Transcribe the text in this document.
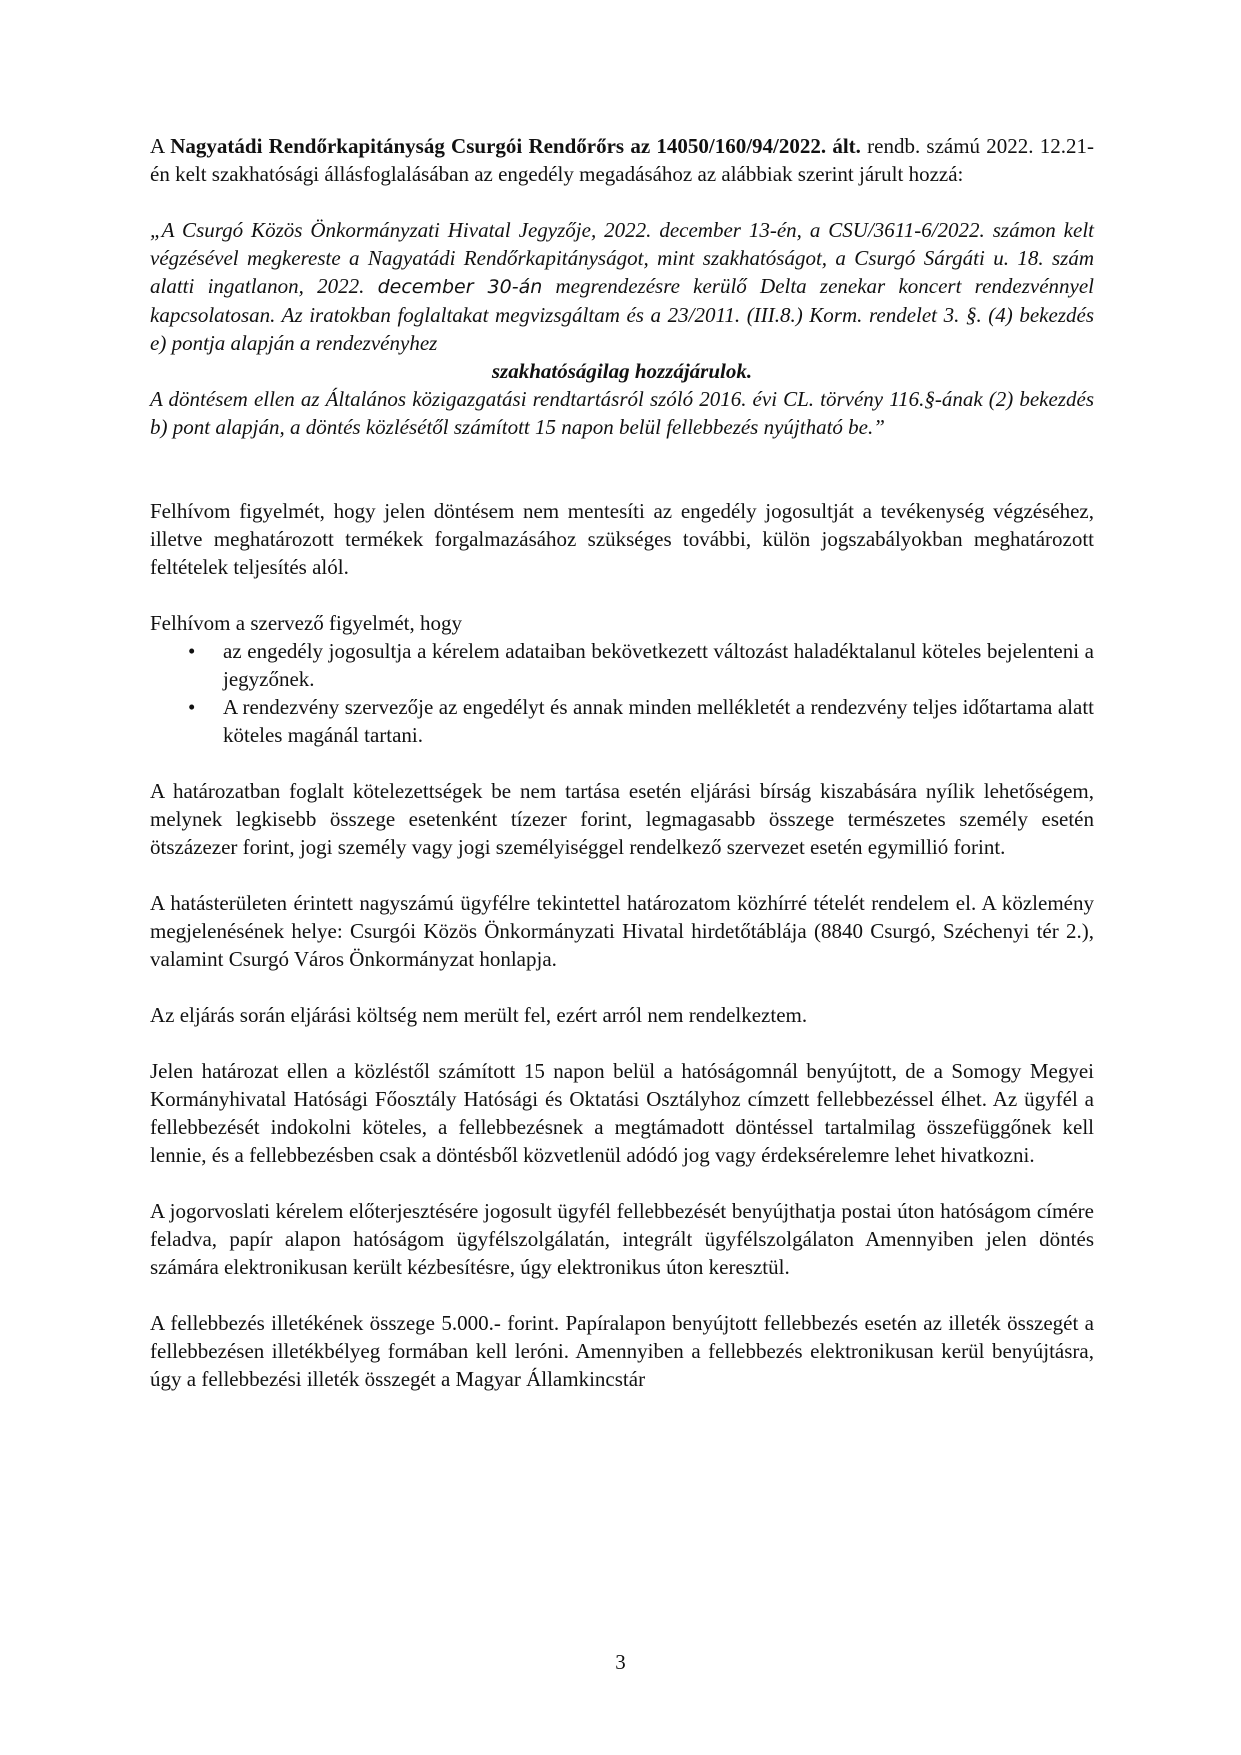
A Nagyatádi Rendőrkapitányság Csurgói Rendőrőrs az 14050/160/94/2022. ált. rendb. számú 2022. 12.21-én kelt szakhatósági állásfoglalásában az engedély megadásához az alábbiak szerint járult hozzá:

„A Csurgó Közös Önkormányzati Hivatal Jegyzője, 2022. december 13-én, a CSU/3611-6/2022. számon kelt végzésével megkereste a Nagyatádi Rendőrkapitányságot, mint szakhatóságot, a Csurgó Sárgáti u. 18. szám alatti ingatlanon, 2022. december 30-án megrendezésre kerülő Delta zenekar koncert rendezvénnyel kapcsolatosan. Az iratokban foglaltakat megvizsgáltam és a 23/2011. (III.8.) Korm. rendelet 3. §. (4) bekezdés e) pontja alapján a rendezvényhez

szakhatóságilag hozzájárulok.

A döntésem ellen az Általános közigazgatási rendtartásról szóló 2016. évi CL. törvény 116.§-ának (2) bekezdés b) pont alapján, a döntés közlésétől számított 15 napon belül fellebbezés nyújtható be.”

Felhívom figyelmét, hogy jelen döntésem nem mentesíti az engedély jogosultját a tevékenység végzéséhez, illetve meghatározott termékek forgalmazásához szükséges további, külön jogszabályokban meghatározott feltételek teljesítés alól.

Felhívom a szervező figyelmét, hogy

• az engedély jogosultja a kérelem adataiban bekövetkezett változást haladéktalanul köteles bejelenteni a jegyzőnek.
• A rendezvény szervezője az engedélyt és annak minden mellékletét a rendezvény teljes időtartama alatt köteles magánál tartani.

A határozatban foglalt kötelezettségek be nem tartása esetén eljárási bírság kiszabására nyílik lehetőségem, melynek legkisebb összege esetenként tízezer forint, legmagasabb összege természetes személy esetén ötszázezer forint, jogi személy vagy jogi személyiséggel rendelkező szervezet esetén egymillió forint.

A hatásterületen érintett nagyszámú ügyfélre tekintettel határozatom közhírré tételét rendelem el. A közlemény megjelenésének helye: Csurgói Közös Önkormányzati Hivatal hirdetőtáblája (8840 Csurgó, Széchenyi tér 2.), valamint Csurgó Város Önkormányzat honlapja.

Az eljárás során eljárási költség nem merült fel, ezért arról nem rendelkeztem.

Jelen határozat ellen a közléstől számított 15 napon belül a hatóságomnál benyújtott, de a Somogy Megyei Kormányhivatal Hatósági Főosztály Hatósági és Oktatási Osztályhoz címzett fellebbezéssel élhet. Az ügyfél a fellebbezését indokolni köteles, a fellebbezésnek a megtámadott döntéssel tartalmilag összefüggőnek kell lennie, és a fellebbezésben csak a döntésből közvetlenül adódó jog vagy érdeksérelemre lehet hivatkozni.

A jogorvoslati kérelem előterjesztésére jogosult ügyfél fellebbezését benyújthatja postai úton hatóságom címére feladva, papír alapon hatóságom ügyfélszolgálatán, integrált ügyfélszolgálaton Amennyiben jelen döntés számára elektronikusan került kézbesítésre, úgy elektronikus úton keresztül.

A fellebbezés illetékének összege 5.000.- forint. Papíralapon benyújtott fellebbezés esetén az illeték összegét a fellebbezésen illetékbélyeg formában kell leróni. Amennyiben a fellebbezés elektronikusan kerül benyújtásra, úgy a fellebbezési illeték összegét a Magyar Államkincstár

3
